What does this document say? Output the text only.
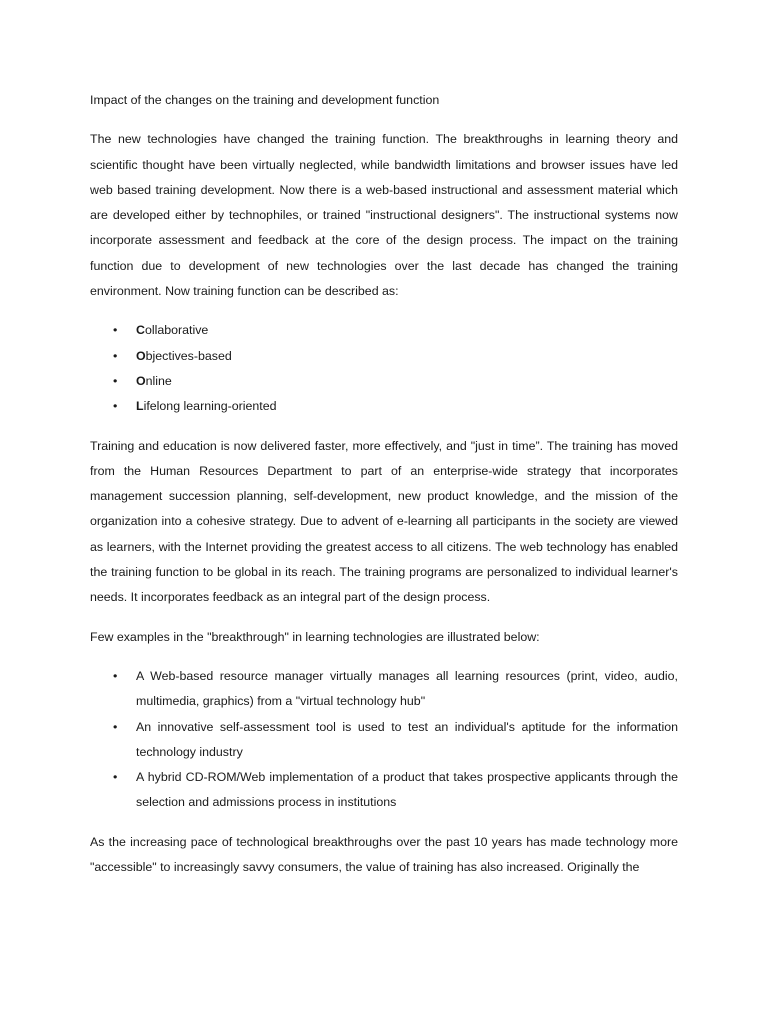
Impact of the changes on the training and development function

The new technologies have changed the training function. The breakthroughs in learning theory and scientific thought have been virtually neglected, while bandwidth limitations and browser issues have led web based training development. Now there is a web-based instructional and assessment material which are developed either by technophiles, or trained "instructional designers". The instructional systems now incorporate assessment and feedback at the core of the design process. The impact on the training function due to development of new technologies over the last decade has changed the training environment. Now training function can be described as:

• Collaborative
• Objectives-based
• Online
• Lifelong learning-oriented

Training and education is now delivered faster, more effectively, and "just in time”. The training has moved from the Human Resources Department to part of an enterprise-wide strategy that incorporates management succession planning, self-development, new product knowledge, and the mission of the organization into a cohesive strategy. Due to advent of e-learning all participants in the society are viewed as learners, with the Internet providing the greatest access to all citizens. The web technology has enabled the training function to be global in its reach. The training programs are personalized to individual learner's needs. It incorporates feedback as an integral part of the design process.

Few examples in the "breakthrough" in learning technologies are illustrated below:

• A Web-based resource manager virtually manages all learning resources (print, video, audio, multimedia, graphics) from a "virtual technology hub"
• An innovative self-assessment tool is used to test an individual's aptitude for the information technology industry
• A hybrid CD-ROM/Web implementation of a product that takes prospective applicants through the selection and admissions process in institutions

As the increasing pace of technological breakthroughs over the past 10 years has made technology more "accessible" to increasingly savvy consumers, the value of training has also increased. Originally the
